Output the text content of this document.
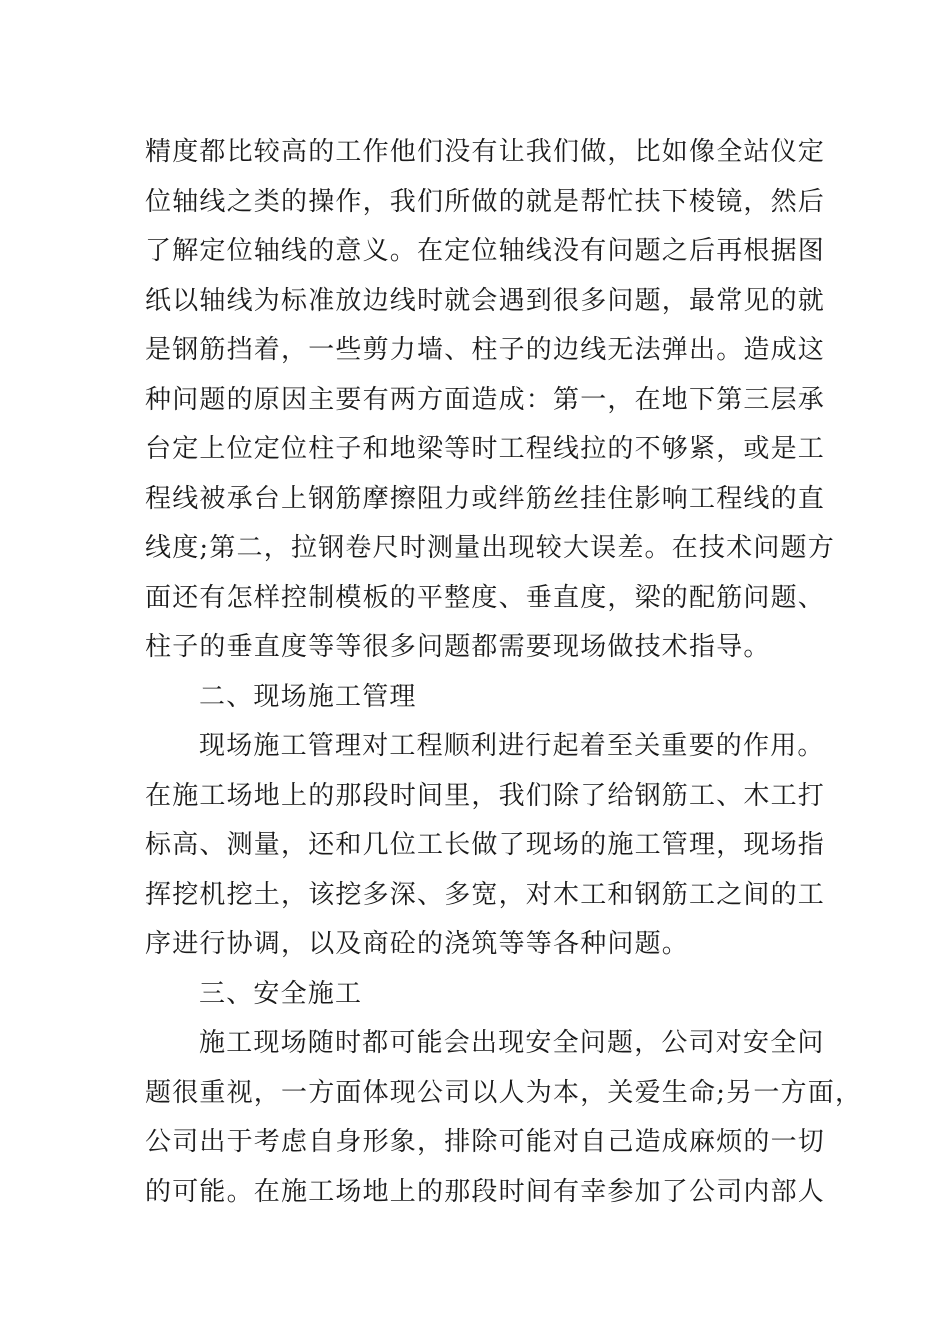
精度都比较高的工作他们没有让我们做，比如像全站仪定
位轴线之类的操作，我们所做的就是帮忙扶下棱镜，然后
了解定位轴线的意义。在定位轴线没有问题之后再根据图
纸以轴线为标准放边线时就会遇到很多问题，最常见的就
是钢筋挡着，一些剪力墙、柱子的边线无法弹出。造成这
种问题的原因主要有两方面造成：第一，在地下第三层承
台定上位定位柱子和地梁等时工程线拉的不够紧，或是工
程线被承台上钢筋摩擦阻力或绊筋丝挂住影响工程线的直
线度;第二，拉钢卷尺时测量出现较大误差。在技术问题方
面还有怎样控制模板的平整度、垂直度，梁的配筋问题、
柱子的垂直度等等很多问题都需要现场做技术指导。
二、现场施工管理
现场施工管理对工程顺利进行起着至关重要的作用。
在施工场地上的那段时间里，我们除了给钢筋工、木工打
标高、测量，还和几位工长做了现场的施工管理，现场指
挥挖机挖土，该挖多深、多宽，对木工和钢筋工之间的工
序进行协调，以及商砼的浇筑等等各种问题。
三、安全施工
施工现场随时都可能会出现安全问题，公司对安全问
题很重视，一方面体现公司以人为本，关爱生命;另一方面，
公司出于考虑自身形象，排除可能对自己造成麻烦的一切
的可能。在施工场地上的那段时间有幸参加了公司内部人
